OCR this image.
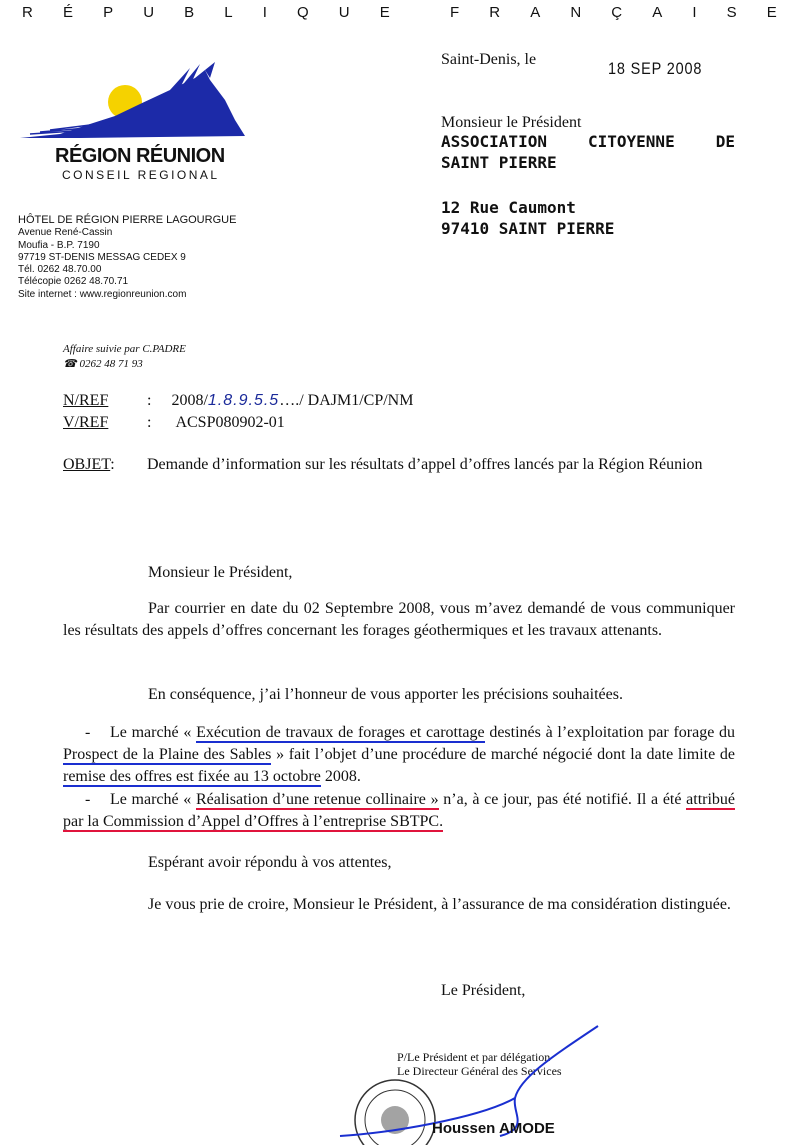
R É P U B L I Q U E	F R A N Ç A I S E
RÉGION RÉUNION
CONSEIL REGIONAL
HÔTEL DE RÉGION PIERRE LAGOURGUE
Avenue René-Cassin
Moufia - B.P. 7190
97719 ST-DENIS MESSAG CEDEX 9
Tél. 0262 48.70.00
Télécopie 0262 48.70.71
Site internet : www.regionreunion.com
Saint-Denis, le	18 SEP 2008
Monsieur le Président
ASSOCIATION	CITOYENNE	DE
SAINT PIERRE
12 Rue Caumont
97410 SAINT PIERRE
Affaire suivie par C.PADRE
☎ 0262 48 71 93
N/REF : 2008/1.8.9.5.5…./ DAJM1/CP/NM
V/REF : ACSP080902-01
OBJET:	Demande d’information sur les résultats d’appel d’offres lancés par la Région Réunion
Monsieur le Président,
Par courrier en date du 02 Septembre 2008, vous m’avez demandé de vous communiquer les résultats des appels d’offres concernant les forages géothermiques et les travaux attenants.
En conséquence, j’ai l’honneur de vous apporter les précisions souhaitées.
- Le marché « Exécution de travaux de forages et carottage destinés à l’exploitation par forage du Prospect de la Plaine des Sables » fait l’objet d’une procédure de marché négocié dont la date limite de remise des offres est fixée au 13 octobre 2008.
- Le marché « Réalisation d’une retenue collinaire » n’a, à ce jour, pas été notifié. Il a été attribué par la Commission d’Appel d’Offres à l’entreprise SBTPC.
Espérant avoir répondu à vos attentes,
Je vous prie de croire, Monsieur le Président, à l’assurance de ma considération distinguée.
Le Président,
P/Le Président et par délégation
Le Directeur Général des Services
Houssen AMODE
